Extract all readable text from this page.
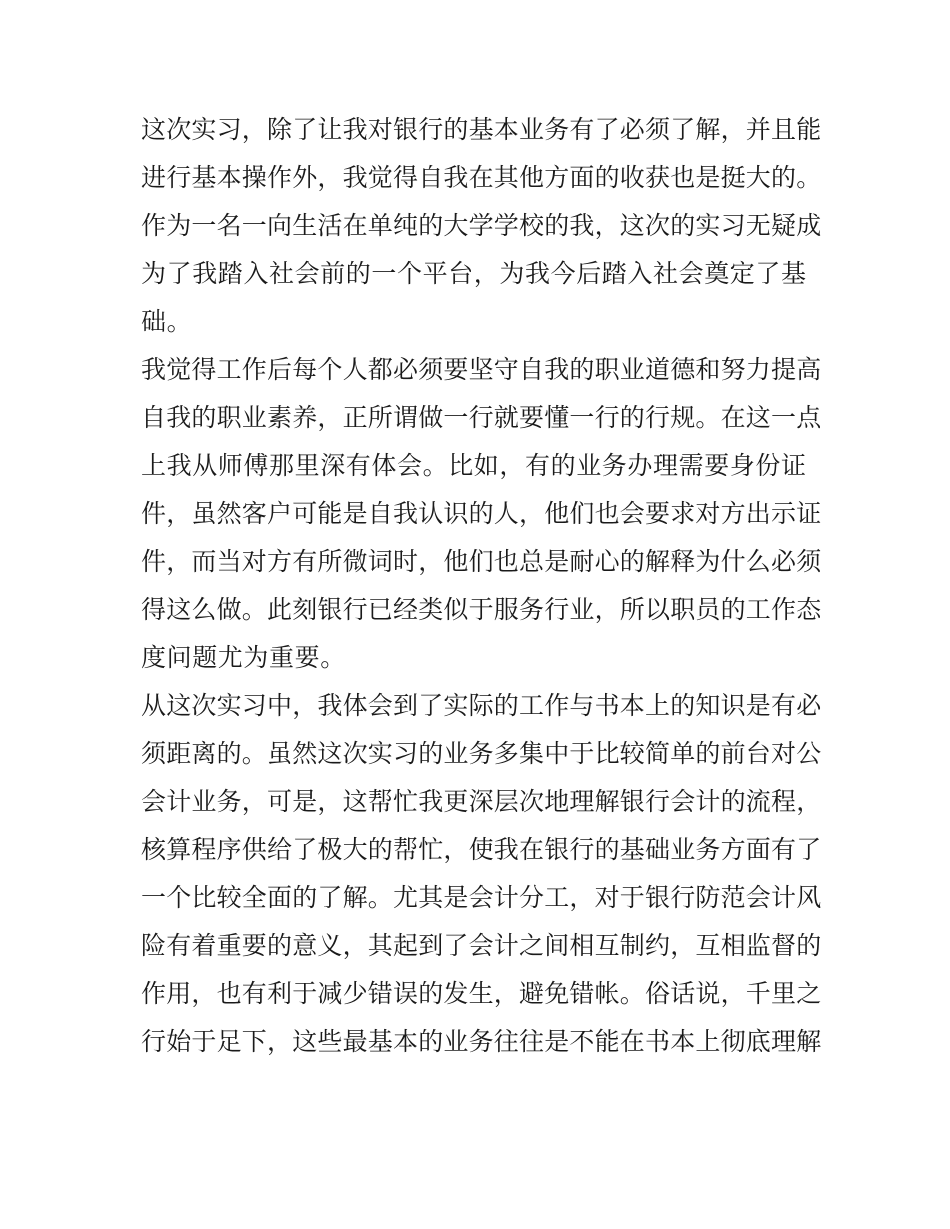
这次实习，除了让我对银行的基本业务有了必须了解，并且能
进行基本操作外，我觉得自我在其他方面的收获也是挺大的。
作为一名一向生活在单纯的大学学校的我，这次的实习无疑成
为了我踏入社会前的一个平台，为我今后踏入社会奠定了基
础。
我觉得工作后每个人都必须要坚守自我的职业道德和努力提高
自我的职业素养，正所谓做一行就要懂一行的行规。在这一点
上我从师傅那里深有体会。比如，有的业务办理需要身份证
件，虽然客户可能是自我认识的人，他们也会要求对方出示证
件，而当对方有所微词时，他们也总是耐心的解释为什么必须
得这么做。此刻银行已经类似于服务行业，所以职员的工作态
度问题尤为重要。
从这次实习中，我体会到了实际的工作与书本上的知识是有必
须距离的。虽然这次实习的业务多集中于比较简单的前台对公
会计业务，可是，这帮忙我更深层次地理解银行会计的流程，
核算程序供给了极大的帮忙，使我在银行的基础业务方面有了
一个比较全面的了解。尤其是会计分工，对于银行防范会计风
险有着重要的意义，其起到了会计之间相互制约，互相监督的
作用，也有利于减少错误的发生，避免错帐。俗话说，千里之
行始于足下，这些最基本的业务往往是不能在书本上彻底理解
